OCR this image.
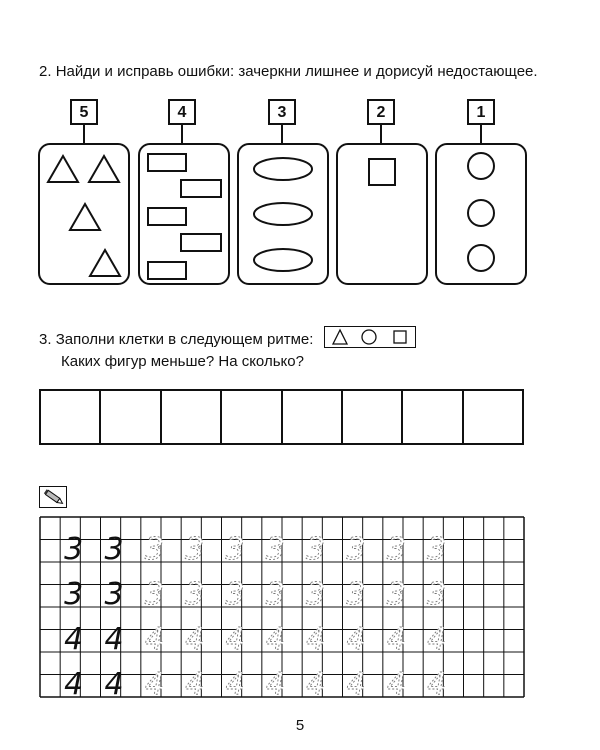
2. Найди и исправь ошибки: зачеркни лишнее и дорисуй недостающее.
5	4	3	2	1
3. Заполни клетки в следующем ритме:
Каких фигур меньше? На сколько?
3 3 3 3 3 3 3 3 3 3
3 3 3 3 3 3 3 3 3 3
4 4 4 4 4 4 4 4 4 4
4 4 4 4 4 4 4 4 4 4
5
